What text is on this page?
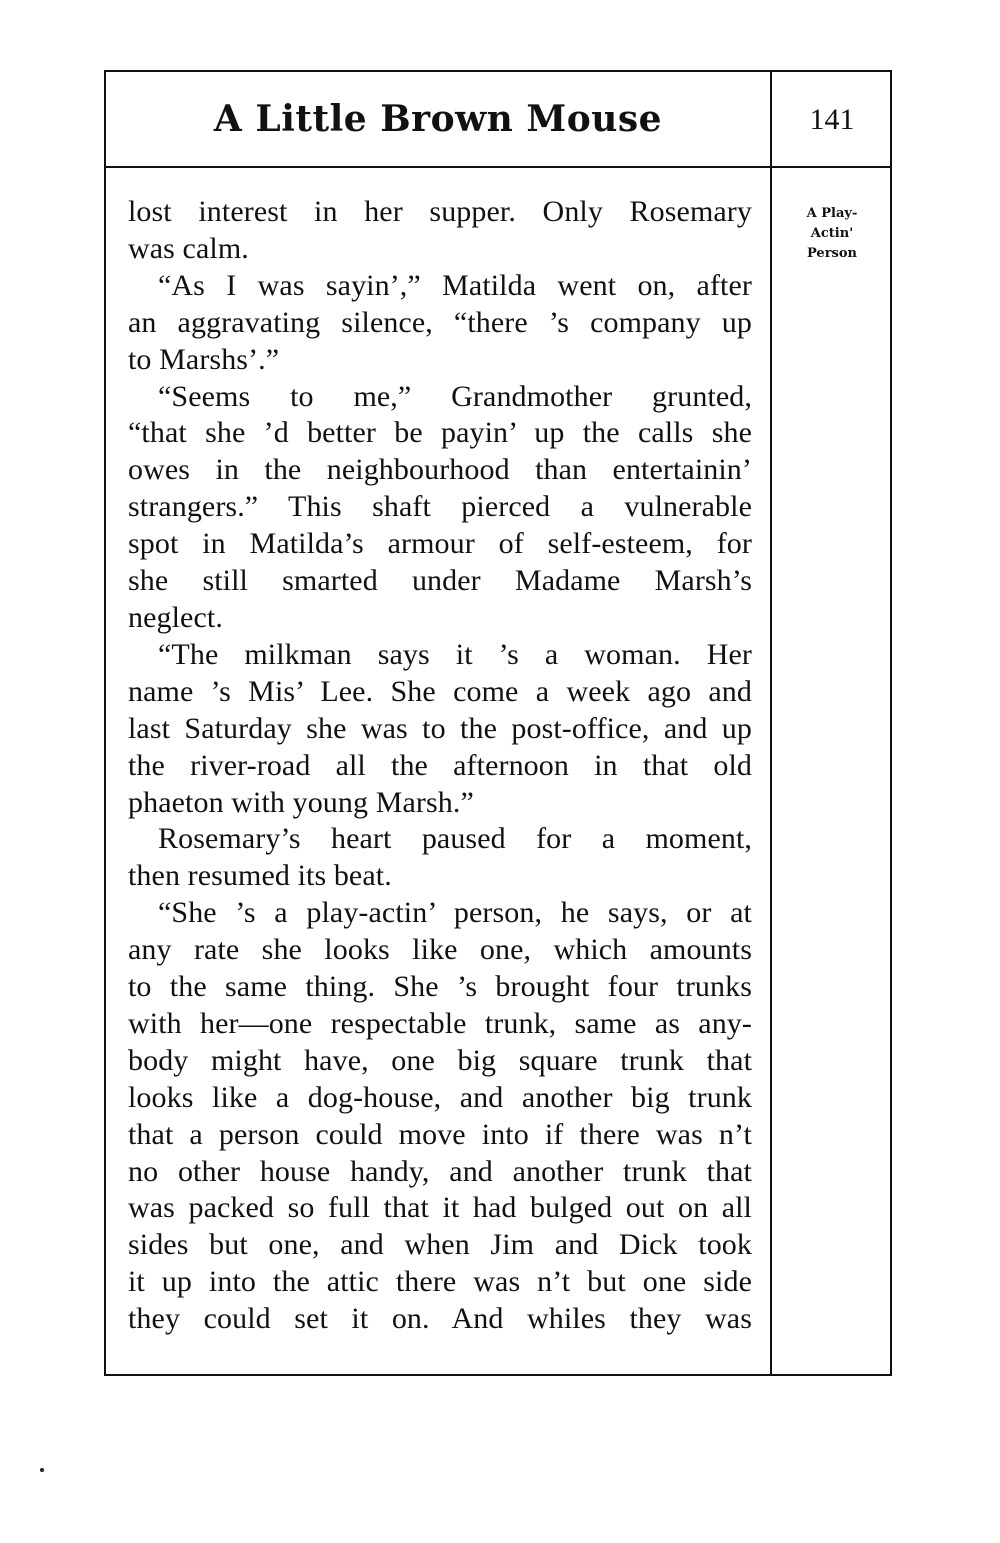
A Little Brown Mouse	141
A Play-
Actin'
Person
lost interest in her supper. Only Rosemary
was calm.
“As I was sayin’,” Matilda went on, after
an aggravating silence, “there ’s company up
to Marshs’.”
“Seems to me,” Grandmother grunted,
“that she ’d better be payin’ up the calls she
owes in the neighbourhood than entertainin’
strangers.” This shaft pierced a vulnerable
spot in Matilda’s armour of self-esteem, for
she still smarted under Madame Marsh’s
neglect.
“The milkman says it ’s a woman. Her
name ’s Mis’ Lee. She come a week ago and
last Saturday she was to the post-office, and up
the river-road all the afternoon in that old
phaeton with young Marsh.”
Rosemary’s heart paused for a moment,
then resumed its beat.
“She ’s a play-actin’ person, he says, or at
any rate she looks like one, which amounts
to the same thing. She ’s brought four trunks
with her—one respectable trunk, same as any-
body might have, one big square trunk that
looks like a dog-house, and another big trunk
that a person could move into if there was n’t
no other house handy, and another trunk that
was packed so full that it had bulged out on all
sides but one, and when Jim and Dick took
it up into the attic there was n’t but one side
they could set it on. And whiles they was
